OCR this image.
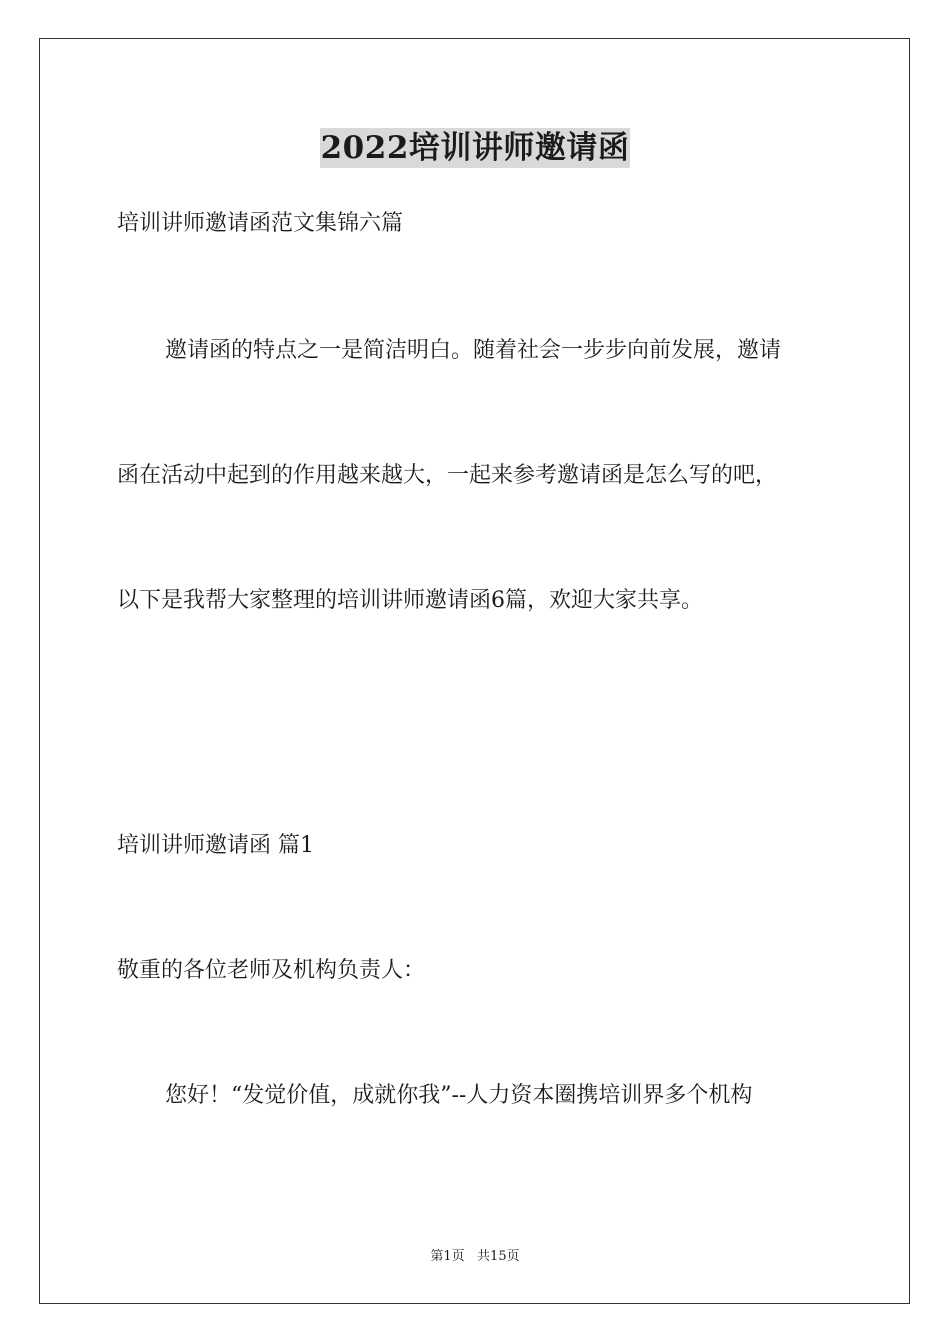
2022培训讲师邀请函
培训讲师邀请函范文集锦六篇
邀请函的特点之一是简洁明白。随着社会一步步向前发展，邀请
函在活动中起到的作用越来越大，一起来参考邀请函是怎么写的吧，
以下是我帮大家整理的培训讲师邀请函6篇，欢迎大家共享。
培训讲师邀请函 篇1
敬重的各位老师及机构负责人：
您好！“发觉价值，成就你我”--人力资本圈携培训界多个机构
第1页   共15页
